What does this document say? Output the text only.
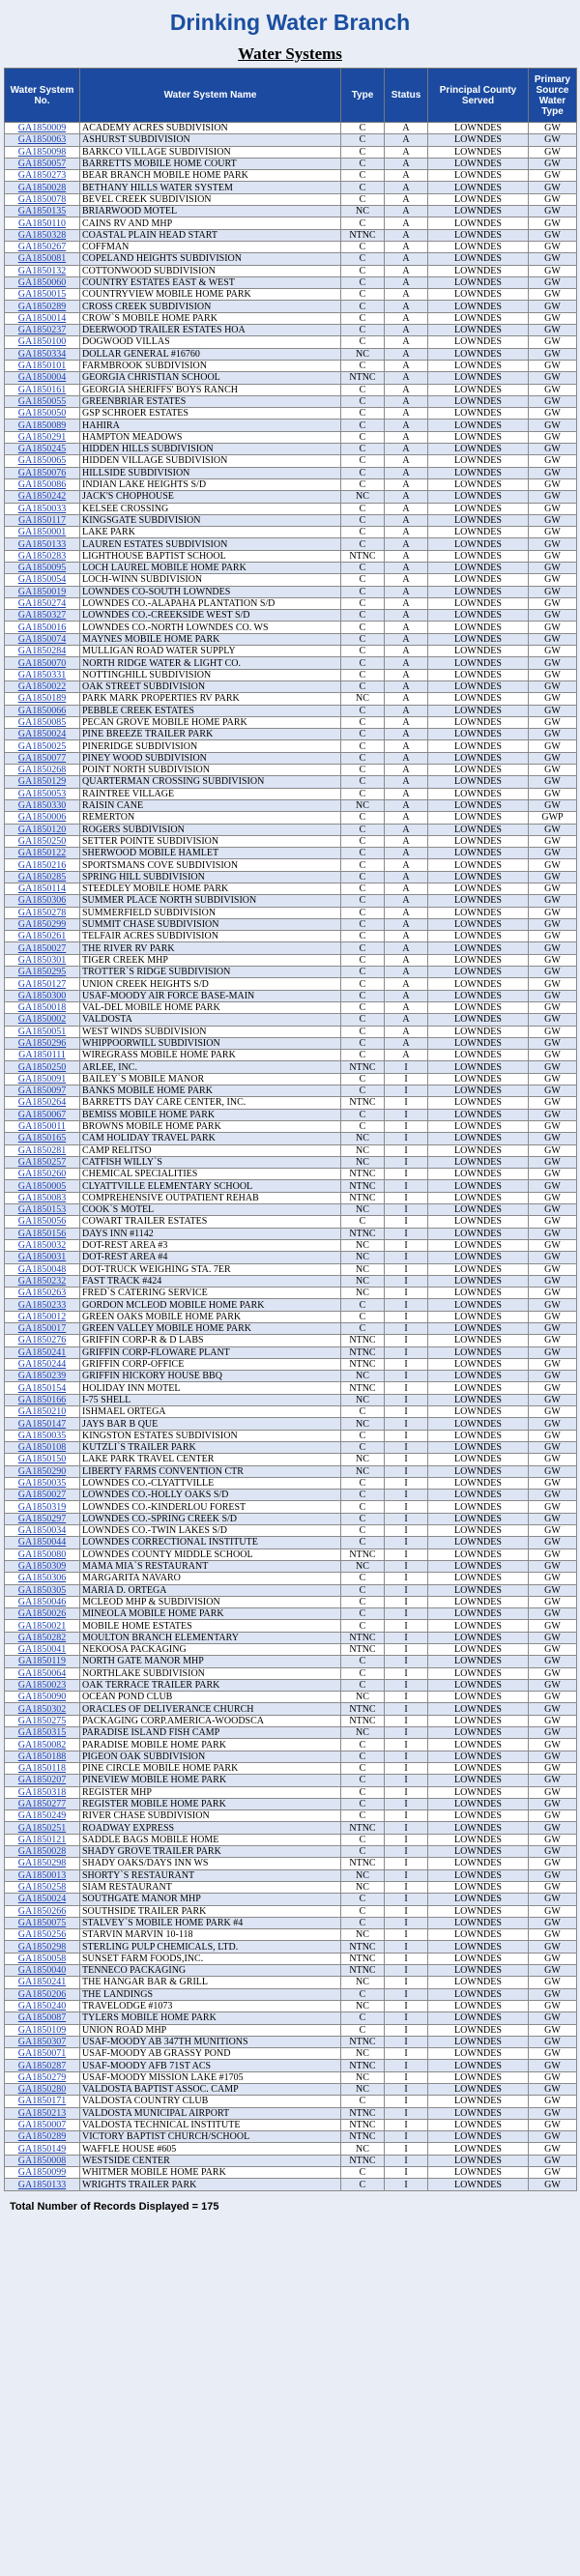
Drinking Water Branch
Water Systems
Water System No.	Water System Name	Type	Status	Principal County Served	Primary Source Water Type
GA1850009	ACADEMY ACRES SUBDIVISION	C	A	LOWNDES	GW
GA1850063	ASHURST SUBDIVISION	C	A	LOWNDES	GW
GA1850098	BARKCO VILLAGE SUBDIVISION	C	A	LOWNDES	GW
GA1850057	BARRETTS MOBILE HOME COURT	C	A	LOWNDES	GW
GA1850273	BEAR BRANCH MOBILE HOME PARK	C	A	LOWNDES	GW
GA1850028	BETHANY HILLS WATER SYSTEM	C	A	LOWNDES	GW
GA1850078	BEVEL CREEK SUBDIVISION	C	A	LOWNDES	GW
GA1850135	BRIARWOOD MOTEL	NC	A	LOWNDES	GW
GA1850110	CAINS RV AND MHP	C	A	LOWNDES	GW
GA1850328	COASTAL PLAIN HEAD START	NTNC	A	LOWNDES	GW
GA1850267	COFFMAN	C	A	LOWNDES	GW
GA1850081	COPELAND HEIGHTS SUBDIVISION	C	A	LOWNDES	GW
GA1850132	COTTONWOOD SUBDIVISION	C	A	LOWNDES	GW
GA1850060	COUNTRY ESTATES EAST & WEST	C	A	LOWNDES	GW
GA1850015	COUNTRYVIEW MOBILE HOME PARK	C	A	LOWNDES	GW
GA1850289	CROSS CREEK SUBDIVISION	C	A	LOWNDES	GW
GA1850014	CROW`S MOBILE HOME PARK	C	A	LOWNDES	GW
GA1850237	DEERWOOD TRAILER ESTATES HOA	C	A	LOWNDES	GW
GA1850100	DOGWOOD VILLAS	C	A	LOWNDES	GW
GA1850334	DOLLAR GENERAL #16760	NC	A	LOWNDES	GW
GA1850101	FARMBROOK SUBDIVISION	C	A	LOWNDES	GW
GA1850004	GEORGIA CHRISTIAN SCHOOL	NTNC	A	LOWNDES	GW
GA1850161	GEORGIA SHERIFFS' BOYS RANCH	C	A	LOWNDES	GW
GA1850055	GREENBRIAR ESTATES	C	A	LOWNDES	GW
GA1850050	GSP SCHROER ESTATES	C	A	LOWNDES	GW
GA1850089	HAHIRA	C	A	LOWNDES	GW
GA1850291	HAMPTON MEADOWS	C	A	LOWNDES	GW
GA1850245	HIDDEN HILLS SUBDIVISION	C	A	LOWNDES	GW
GA1850065	HIDDEN VILLAGE SUBDIVISION	C	A	LOWNDES	GW
GA1850076	HILLSIDE SUBDIVISION	C	A	LOWNDES	GW
GA1850086	INDIAN LAKE HEIGHTS S/D	C	A	LOWNDES	GW
GA1850242	JACK'S CHOPHOUSE	NC	A	LOWNDES	GW
GA1850033	KELSEE CROSSING	C	A	LOWNDES	GW
GA1850117	KINGSGATE SUBDIVISION	C	A	LOWNDES	GW
GA1850001	LAKE PARK	C	A	LOWNDES	GW
GA1850133	LAUREN ESTATES SUBDIVISION	C	A	LOWNDES	GW
GA1850283	LIGHTHOUSE BAPTIST SCHOOL	NTNC	A	LOWNDES	GW
GA1850095	LOCH LAUREL MOBILE HOME PARK	C	A	LOWNDES	GW
GA1850054	LOCH-WINN SUBDIVISION	C	A	LOWNDES	GW
GA1850019	LOWNDES CO-SOUTH LOWNDES	C	A	LOWNDES	GW
GA1850274	LOWNDES CO.-ALAPAHA PLANTATION S/D	C	A	LOWNDES	GW
GA1850327	LOWNDES CO.-CREEKSIDE WEST S/D	C	A	LOWNDES	GW
GA1850016	LOWNDES CO.-NORTH LOWNDES CO. WS	C	A	LOWNDES	GW
GA1850074	MAYNES MOBILE HOME PARK	C	A	LOWNDES	GW
GA1850284	MULLIGAN ROAD WATER SUPPLY	C	A	LOWNDES	GW
GA1850070	NORTH RIDGE WATER & LIGHT CO.	C	A	LOWNDES	GW
GA1850331	NOTTINGHILL SUBDIVISION	C	A	LOWNDES	GW
GA1850022	OAK STREET SUBDIVISION	C	A	LOWNDES	GW
GA1850189	PARK MARK PROPERTIES RV PARK	NC	A	LOWNDES	GW
GA1850066	PEBBLE CREEK ESTATES	C	A	LOWNDES	GW
GA1850085	PECAN GROVE MOBILE HOME PARK	C	A	LOWNDES	GW
GA1850024	PINE BREEZE TRAILER PARK	C	A	LOWNDES	GW
GA1850025	PINERIDGE SUBDIVISION	C	A	LOWNDES	GW
GA1850077	PINEY WOOD SUBDIVISION	C	A	LOWNDES	GW
GA1850268	POINT NORTH SUBDIVISION	C	A	LOWNDES	GW
GA1850129	QUARTERMAN CROSSING SUBDIVISION	C	A	LOWNDES	GW
GA1850053	RAINTREE VILLAGE	C	A	LOWNDES	GW
GA1850330	RAISIN CANE	NC	A	LOWNDES	GW
GA1850006	REMERTON	C	A	LOWNDES	GWP
GA1850120	ROGERS SUBDIVISION	C	A	LOWNDES	GW
GA1850250	SETTER POINTE SUBDIVISION	C	A	LOWNDES	GW
GA1850122	SHERWOOD MOBILE HAMLET	C	A	LOWNDES	GW
GA1850216	SPORTSMANS COVE SUBDIVISION	C	A	LOWNDES	GW
GA1850285	SPRING HILL SUBDIVISION	C	A	LOWNDES	GW
GA1850114	STEEDLEY MOBILE HOME PARK	C	A	LOWNDES	GW
GA1850306	SUMMER PLACE NORTH SUBDIVISION	C	A	LOWNDES	GW
GA1850278	SUMMERFIELD SUBDIVISION	C	A	LOWNDES	GW
GA1850299	SUMMIT CHASE SUBDIVISION	C	A	LOWNDES	GW
GA1850261	TELFAIR ACRES SUBDIVISION	C	A	LOWNDES	GW
GA1850027	THE RIVER RV PARK	C	A	LOWNDES	GW
GA1850301	TIGER CREEK MHP	C	A	LOWNDES	GW
GA1850295	TROTTER`S RIDGE SUBDIVISION	C	A	LOWNDES	GW
GA1850127	UNION CREEK HEIGHTS S/D	C	A	LOWNDES	GW
GA1850300	USAF-MOODY AIR FORCE BASE-MAIN	C	A	LOWNDES	GW
GA1850018	VAL-DEL MOBILE HOME PARK	C	A	LOWNDES	GW
GA1850002	VALDOSTA	C	A	LOWNDES	GW
GA1850051	WEST WINDS SUBDIVISION	C	A	LOWNDES	GW
GA1850296	WHIPPOORWILL SUBDIVISION	C	A	LOWNDES	GW
GA1850111	WIREGRASS MOBILE HOME PARK	C	A	LOWNDES	GW
GA1850250	ARLEE, INC.	NTNC	I	LOWNDES	GW
GA1850091	BAILEY`S MOBILE MANOR	C	I	LOWNDES	GW
GA1850097	BANKS MOBILE HOME PARK	C	I	LOWNDES	GW
GA1850264	BARRETTS DAY CARE CENTER, INC.	NTNC	I	LOWNDES	GW
GA1850067	BEMISS MOBILE HOME PARK	C	I	LOWNDES	GW
GA1850011	BROWNS MOBILE HOME PARK	C	I	LOWNDES	GW
GA1850165	CAM HOLIDAY TRAVEL PARK	NC	I	LOWNDES	GW
GA1850281	CAMP RELITSO	NC	I	LOWNDES	GW
GA1850257	CATFISH WILLY`S	NC	I	LOWNDES	GW
GA1850260	CHEMICAL SPECIALITIES	NTNC	I	LOWNDES	GW
GA1850005	CLYATTVILLE ELEMENTARY SCHOOL	NTNC	I	LOWNDES	GW
GA1850083	COMPREHENSIVE OUTPATIENT REHAB	NTNC	I	LOWNDES	GW
GA1850153	COOK`S MOTEL	NC	I	LOWNDES	GW
GA1850056	COWART TRAILER ESTATES	C	I	LOWNDES	GW
GA1850156	DAYS INN #1142	NTNC	I	LOWNDES	GW
GA1850032	DOT-REST AREA #3	NC	I	LOWNDES	GW
GA1850031	DOT-REST AREA #4	NC	I	LOWNDES	GW
GA1850048	DOT-TRUCK WEIGHING STA. 7ER	NC	I	LOWNDES	GW
GA1850232	FAST TRACK #424	NC	I	LOWNDES	GW
GA1850263	FRED`S CATERING SERVICE	NC	I	LOWNDES	GW
GA1850233	GORDON MCLEOD MOBILE HOME PARK	C	I	LOWNDES	GW
GA1850012	GREEN OAKS MOBILE HOME PARK	C	I	LOWNDES	GW
GA1850017	GREEN VALLEY MOBILE HOME PARK	C	I	LOWNDES	GW
GA1850276	GRIFFIN CORP-R & D LABS	NTNC	I	LOWNDES	GW
GA1850241	GRIFFIN CORP-FLOWARE PLANT	NTNC	I	LOWNDES	GW
GA1850244	GRIFFIN CORP-OFFICE	NTNC	I	LOWNDES	GW
GA1850239	GRIFFIN HICKORY HOUSE BBQ	NC	I	LOWNDES	GW
GA1850154	HOLIDAY INN MOTEL	NTNC	I	LOWNDES	GW
GA1850166	I-75 SHELL	NC	I	LOWNDES	GW
GA1850210	ISHMAEL ORTEGA	C	I	LOWNDES	GW
GA1850147	JAYS BAR B QUE	NC	I	LOWNDES	GW
GA1850035	KINGSTON ESTATES SUBDIVISION	C	I	LOWNDES	GW
GA1850108	KUTZLI`S TRAILER PARK	C	I	LOWNDES	GW
GA1850150	LAKE PARK TRAVEL CENTER	NC	I	LOWNDES	GW
GA1850290	LIBERTY FARMS CONVENTION CTR	NC	I	LOWNDES	GW
GA1850035	LOWNDES CO.-CLYATTVILLE	C	I	LOWNDES	GW
GA1850027	LOWNDES CO.-HOLLY OAKS S/D	C	I	LOWNDES	GW
GA1850319	LOWNDES CO.-KINDERLOU FOREST	C	I	LOWNDES	GW
GA1850297	LOWNDES CO.-SPRING CREEK S/D	C	I	LOWNDES	GW
GA1850034	LOWNDES CO.-TWIN LAKES S/D	C	I	LOWNDES	GW
GA1850044	LOWNDES CORRECTIONAL INSTITUTE	C	I	LOWNDES	GW
GA1850080	LOWNDES COUNTY MIDDLE SCHOOL	NTNC	I	LOWNDES	GW
GA1850309	MAMA MIA`S RESTAURANT	NC	I	LOWNDES	GW
GA1850306	MARGARITA NAVARO	C	I	LOWNDES	GW
GA1850305	MARIA D. ORTEGA	C	I	LOWNDES	GW
GA1850046	MCLEOD MHP & SUBDIVISION	C	I	LOWNDES	GW
GA1850026	MINEOLA MOBILE HOME PARK	C	I	LOWNDES	GW
GA1850021	MOBILE HOME ESTATES	C	I	LOWNDES	GW
GA1850282	MOULTON BRANCH ELEMENTARY	NTNC	I	LOWNDES	GW
GA1850041	NEKOOSA PACKAGING	NTNC	I	LOWNDES	GW
GA1850119	NORTH GATE MANOR MHP	C	I	LOWNDES	GW
GA1850064	NORTHLAKE SUBDIVISION	C	I	LOWNDES	GW
GA1850023	OAK TERRACE TRAILER PARK	C	I	LOWNDES	GW
GA1850090	OCEAN POND CLUB	NC	I	LOWNDES	GW
GA1850302	ORACLES OF DELIVERANCE CHURCH	NTNC	I	LOWNDES	GW
GA1850275	PACKAGING CORP.AMERICA-WOODSCA	NTNC	I	LOWNDES	GW
GA1850315	PARADISE ISLAND FISH CAMP	NC	I	LOWNDES	GW
GA1850082	PARADISE MOBILE HOME PARK	C	I	LOWNDES	GW
GA1850188	PIGEON OAK SUBDIVISION	C	I	LOWNDES	GW
GA1850118	PINE CIRCLE MOBILE HOME PARK	C	I	LOWNDES	GW
GA1850207	PINEVIEW MOBILE HOME PARK	C	I	LOWNDES	GW
GA1850318	REGISTER MHP	C	I	LOWNDES	GW
GA1850277	REGISTER MOBILE HOME PARK	C	I	LOWNDES	GW
GA1850249	RIVER CHASE SUBDIVISION	C	I	LOWNDES	GW
GA1850251	ROADWAY EXPRESS	NTNC	I	LOWNDES	GW
GA1850121	SADDLE BAGS MOBILE HOME	C	I	LOWNDES	GW
GA1850028	SHADY GROVE TRAILER PARK	C	I	LOWNDES	GW
GA1850298	SHADY OAKS/DAYS INN WS	NTNC	I	LOWNDES	GW
GA1850013	SHORTY`S RESTAURANT	NC	I	LOWNDES	GW
GA1850258	SIAM RESTAURANT	NC	I	LOWNDES	GW
GA1850024	SOUTHGATE MANOR MHP	C	I	LOWNDES	GW
GA1850266	SOUTHSIDE TRAILER PARK	C	I	LOWNDES	GW
GA1850075	STALVEY`S MOBILE HOME PARK #4	C	I	LOWNDES	GW
GA1850256	STARVIN MARVIN 10-118	NC	I	LOWNDES	GW
GA1850298	STERLING PULP CHEMICALS, LTD.	NTNC	I	LOWNDES	GW
GA1850058	SUNSET FARM FOODS,INC.	NTNC	I	LOWNDES	GW
GA1850040	TENNECO PACKAGING	NTNC	I	LOWNDES	GW
GA1850241	THE HANGAR BAR & GRILL	NC	I	LOWNDES	GW
GA1850206	THE LANDINGS	C	I	LOWNDES	GW
GA1850240	TRAVELODGE #1073	NC	I	LOWNDES	GW
GA1850087	TYLERS MOBILE HOME PARK	C	I	LOWNDES	GW
GA1850109	UNION ROAD MHP	C	I	LOWNDES	GW
GA1850307	USAF-MOODY AB 347TH MUNITIONS	NTNC	I	LOWNDES	GW
GA1850071	USAF-MOODY AB GRASSY POND	NC	I	LOWNDES	GW
GA1850287	USAF-MOODY AFB 71ST ACS	NTNC	I	LOWNDES	GW
GA1850279	USAF-MOODY MISSION LAKE #1705	NC	I	LOWNDES	GW
GA1850280	VALDOSTA BAPTIST ASSOC. CAMP	NC	I	LOWNDES	GW
GA1850171	VALDOSTA COUNTRY CLUB	C	I	LOWNDES	GW
GA1850213	VALDOSTA MUNICIPAL AIRPORT	NTNC	I	LOWNDES	GW
GA1850007	VALDOSTA TECHNICAL INSTITUTE	NTNC	I	LOWNDES	GW
GA1850289	VICTORY BAPTIST CHURCH/SCHOOL	NTNC	I	LOWNDES	GW
GA1850149	WAFFLE HOUSE #605	NC	I	LOWNDES	GW
GA1850008	WESTSIDE CENTER	NTNC	I	LOWNDES	GW
GA1850099	WHITMER MOBILE HOME PARK	C	I	LOWNDES	GW
GA1850133	WRIGHTS TRAILER PARK	C	I	LOWNDES	GW
Total Number of Records Displayed = 175
